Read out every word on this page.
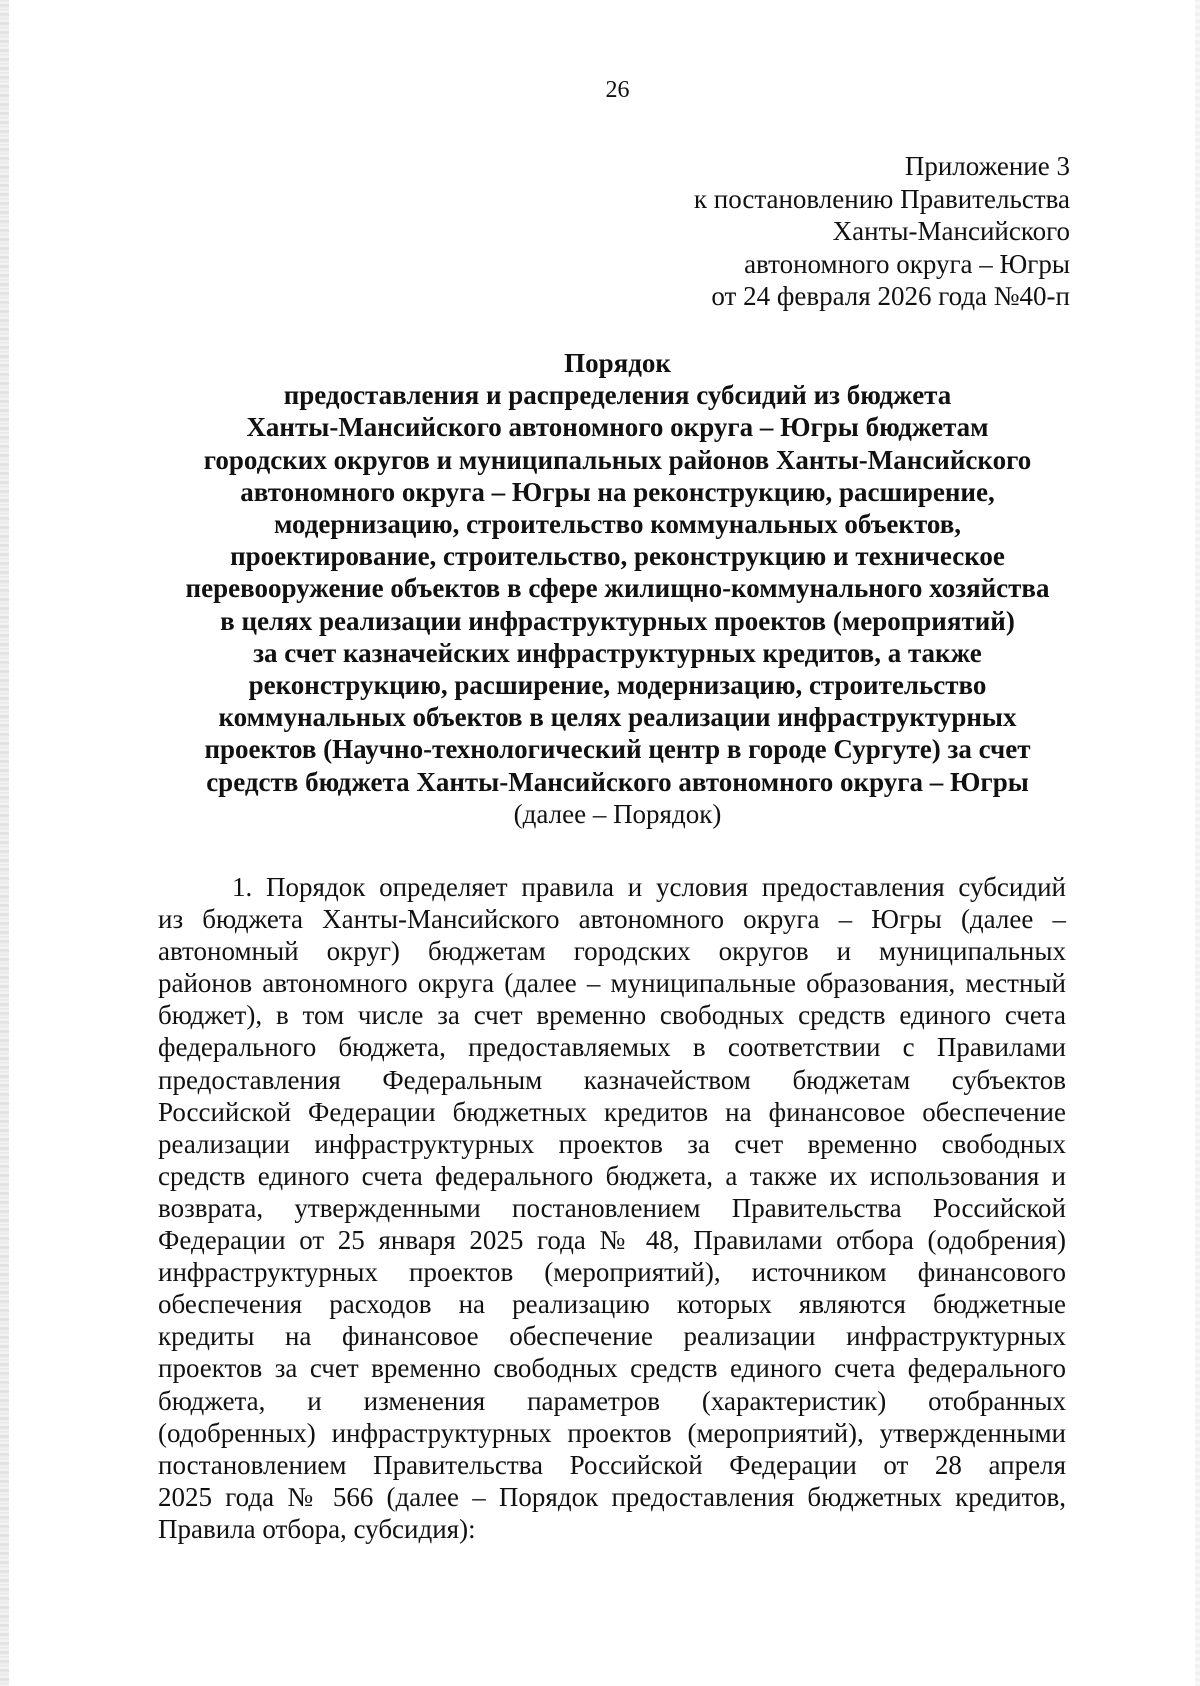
26
Приложение 3
к постановлению Правительства
Ханты-Мансийского
автономного округа – Югры
от 24 февраля 2026 года №40-п
Порядок
предоставления и распределения субсидий из бюджета
Ханты-Мансийского автономного округа – Югры бюджетам
городских округов и муниципальных районов Ханты-Мансийского
автономного округа – Югры на реконструкцию, расширение,
модернизацию, строительство коммунальных объектов,
проектирование, строительство, реконструкцию и техническое
перевооружение объектов в сфере жилищно-коммунального хозяйства
в целях реализации инфраструктурных проектов (мероприятий)
за счет казначейских инфраструктурных кредитов, а также
реконструкцию, расширение, модернизацию, строительство
коммунальных объектов в целях реализации инфраструктурных
проектов (Научно-технологический центр в городе Сургуте) за счет
средств бюджета Ханты-Мансийского автономного округа – Югры
(далее – Порядок)
1. Порядок определяет правила и условия предоставления субсидий
из бюджета Ханты-Мансийского автономного округа – Югры (далее –
автономный округ) бюджетам городских округов и муниципальных
районов автономного округа (далее – муниципальные образования, местный
бюджет), в том числе за счет временно свободных средств единого счета
федерального бюджета, предоставляемых в соответствии с Правилами
предоставления Федеральным казначейством бюджетам субъектов
Российской Федерации бюджетных кредитов на финансовое обеспечение
реализации инфраструктурных проектов за счет временно свободных
средств единого счета федерального бюджета, а также их использования и
возврата, утвержденными постановлением Правительства Российской
Федерации от 25 января 2025 года № 48, Правилами отбора (одобрения)
инфраструктурных проектов (мероприятий), источником финансового
обеспечения расходов на реализацию которых являются бюджетные
кредиты на финансовое обеспечение реализации инфраструктурных
проектов за счет временно свободных средств единого счета федерального
бюджета, и изменения параметров (характеристик) отобранных
(одобренных) инфраструктурных проектов (мероприятий), утвержденными
постановлением Правительства Российской Федерации от 28 апреля
2025 года № 566 (далее – Порядок предоставления бюджетных кредитов,
Правила отбора, субсидия):
